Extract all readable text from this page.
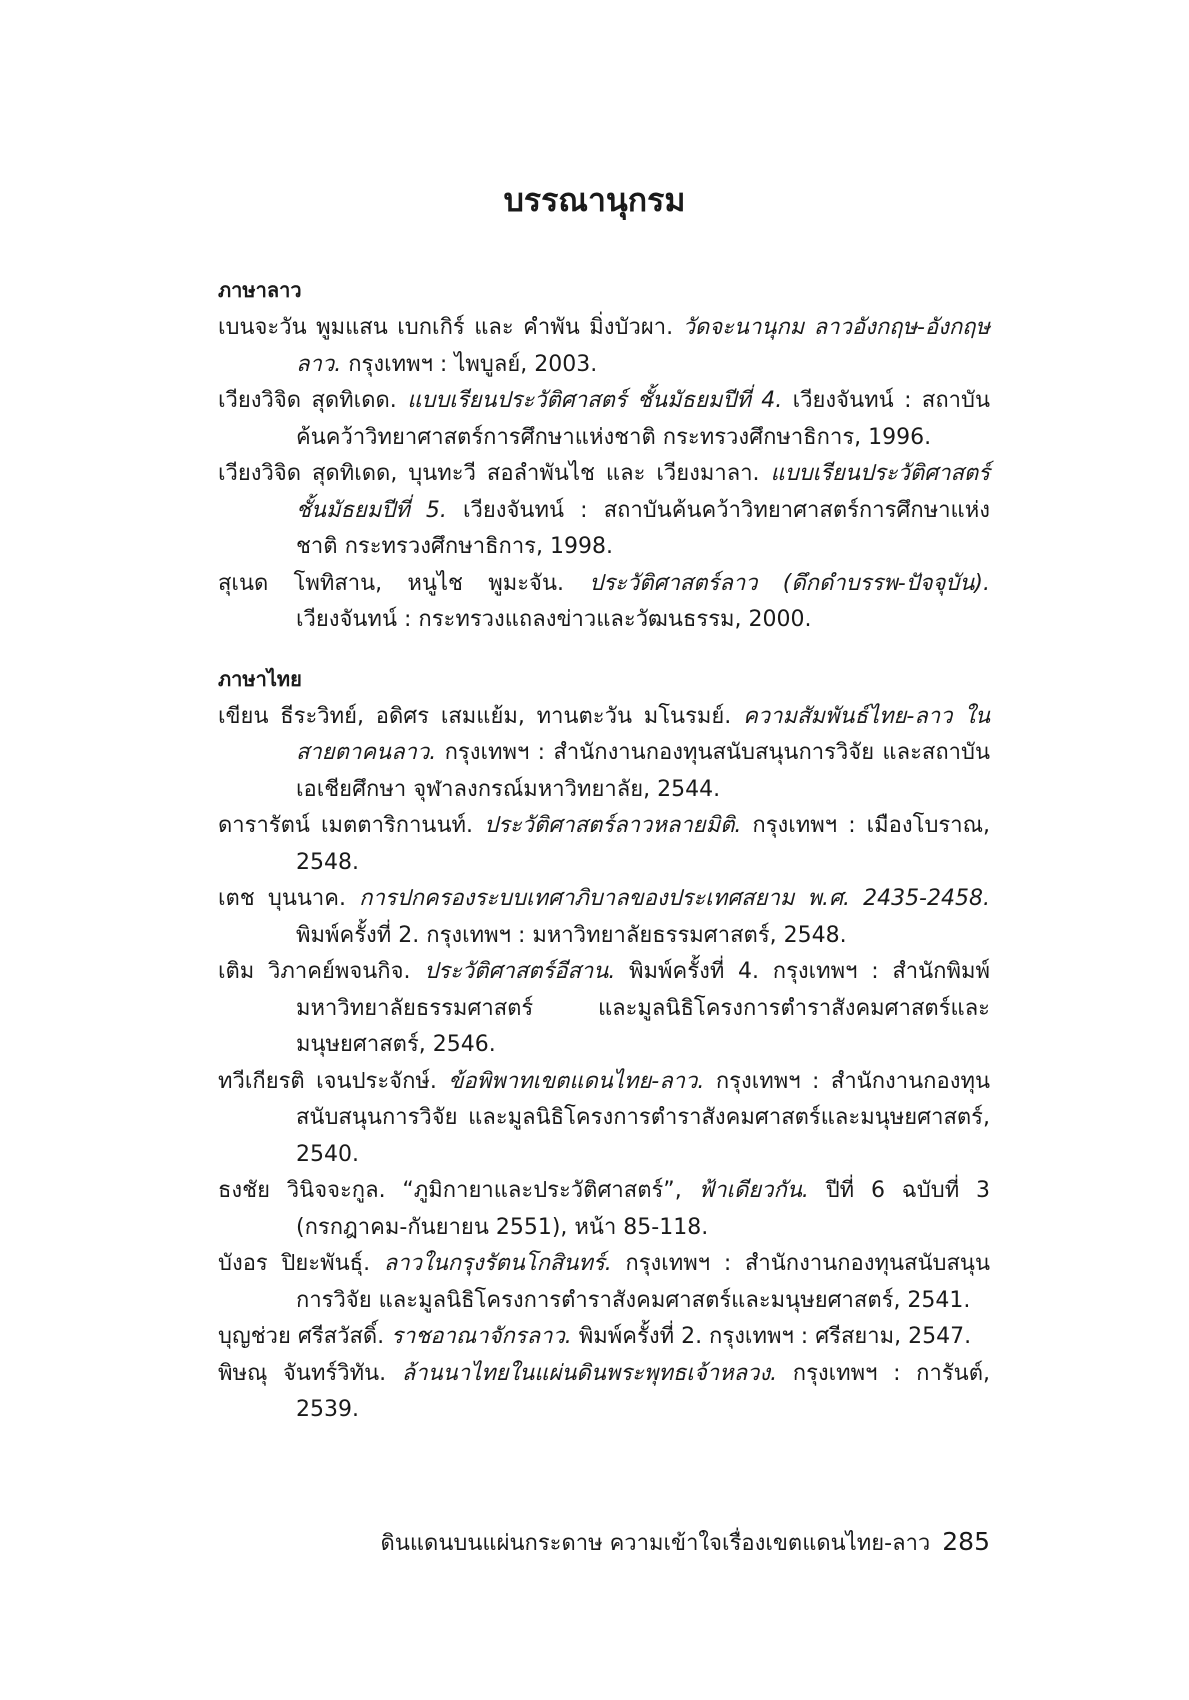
บรรณานุกรม

ภาษาลาว

เบนจะวัน พูมแสน เบกเกิร์ และ คำพัน มิ่งบัวผา. วัดจะนานุกม ลาวอังกฤษ-อังกฤษลาว. กรุงเทพฯ : ไพบูลย์, 2003.

เวียงวิจิด สุดทิเดด. แบบเรียนประวัติศาสตร์ ชั้นมัธยมปีที่ 4. เวียงจันทน์ : สถาบันค้นคว้าวิทยาศาสตร์การศึกษาแห่งชาติ กระทรวงศึกษาธิการ, 1996.

เวียงวิจิด สุดทิเดด, บุนทะวี สอลำพันไช และ เวียงมาลา. แบบเรียนประวัติศาสตร์ ชั้นมัธยมปีที่ 5. เวียงจันทน์ : สถาบันค้นคว้าวิทยาศาสตร์การศึกษาแห่งชาติ กระทรวงศึกษาธิการ, 1998.

สุเนด โพทิสาน, หนูไช พูมะจัน. ประวัติศาสตร์ลาว (ดึกดำบรรพ-ปัจจุบัน). เวียงจันทน์ : กระทรวงแถลงข่าวและวัฒนธรรม, 2000.

ภาษาไทย

เขียน ธีระวิทย์, อดิศร เสมแย้ม, ทานตะวัน มโนรมย์. ความสัมพันธ์ไทย-ลาว ในสายตาคนลาว. กรุงเทพฯ : สำนักงานกองทุนสนับสนุนการวิจัย และสถาบันเอเชียศึกษา จุฬาลงกรณ์มหาวิทยาลัย, 2544.

ดารารัตน์ เมตตาริกานนท์. ประวัติศาสตร์ลาวหลายมิติ. กรุงเทพฯ : เมืองโบราณ, 2548.

เตช บุนนาค. การปกครองระบบเทศาภิบาลของประเทศสยาม พ.ศ. 2435-2458. พิมพ์ครั้งที่ 2. กรุงเทพฯ : มหาวิทยาลัยธรรมศาสตร์, 2548.

เติม วิภาคย์พจนกิจ. ประวัติศาสตร์อีสาน. พิมพ์ครั้งที่ 4. กรุงเทพฯ : สำนักพิมพ์มหาวิทยาลัยธรรมศาสตร์ และมูลนิธิโครงการตำราสังคมศาสตร์และมนุษยศาสตร์, 2546.

ทวีเกียรติ เจนประจักษ์. ข้อพิพาทเขตแดนไทย-ลาว. กรุงเทพฯ : สำนักงานกองทุนสนับสนุนการวิจัย และมูลนิธิโครงการตำราสังคมศาสตร์และมนุษยศาสตร์, 2540.

ธงชัย วินิจจะกูล. “ภูมิกายาและประวัติศาสตร์”, ฟ้าเดียวกัน. ปีที่ 6 ฉบับที่ 3 (กรกฎาคม-กันยายน 2551), หน้า 85-118.

บังอร ปิยะพันธุ์. ลาวในกรุงรัตนโกสินทร์. กรุงเทพฯ : สำนักงานกองทุนสนับสนุนการวิจัย และมูลนิธิโครงการตำราสังคมศาสตร์และมนุษยศาสตร์, 2541.

บุญช่วย ศรีสวัสดิ์. ราชอาณาจักรลาว. พิมพ์ครั้งที่ 2. กรุงเทพฯ : ศรีสยาม, 2547.

พิษณุ จันทร์วิทัน. ล้านนาไทยในแผ่นดินพระพุทธเจ้าหลวง. กรุงเทพฯ : การันต์, 2539.

ดินแดนบนแผ่นกระดาษ ความเข้าใจเรื่องเขตแดนไทย-ลาว 285
